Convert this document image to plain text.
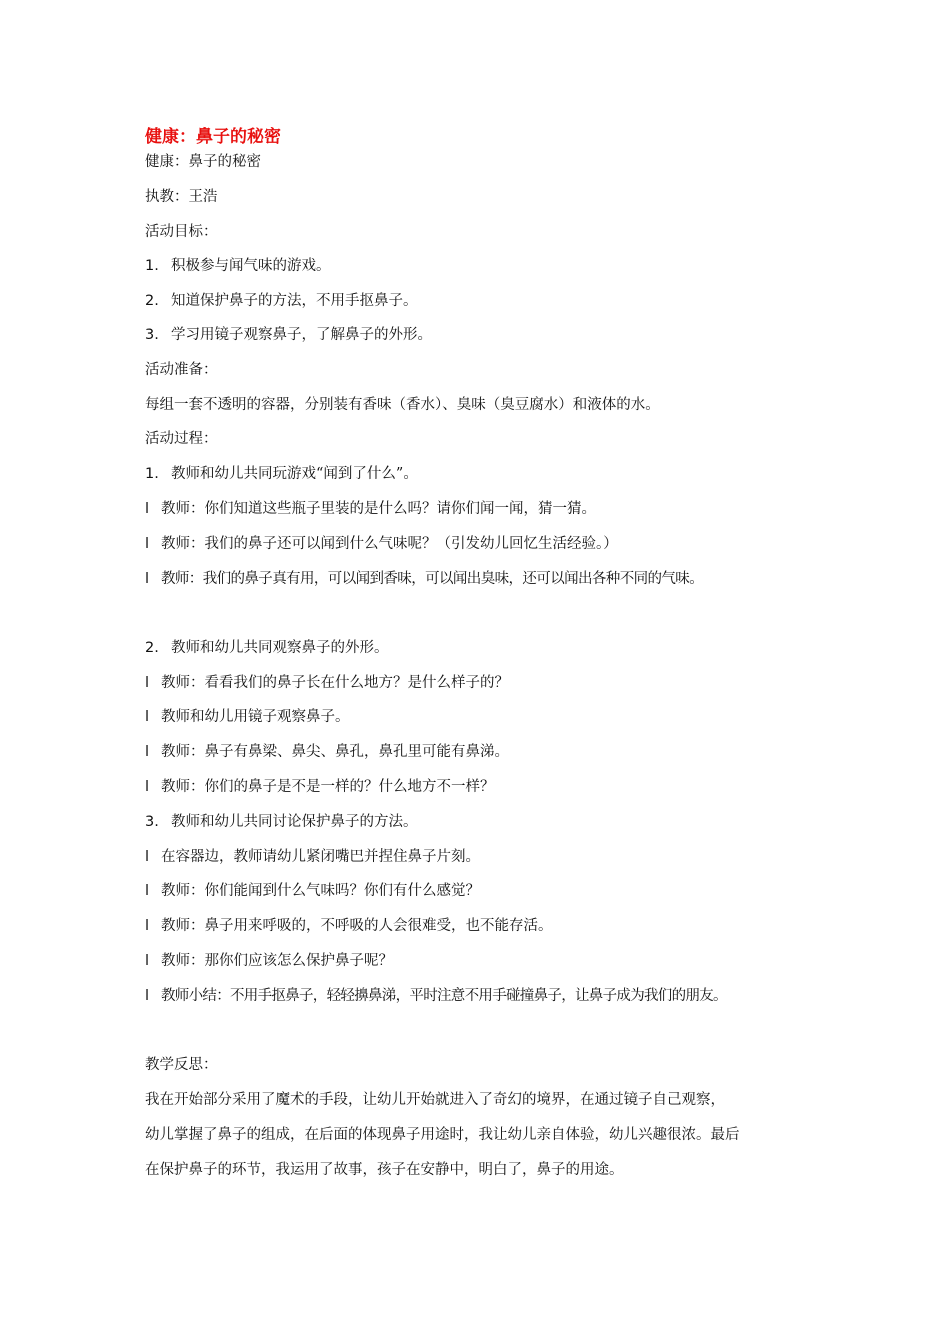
健康：鼻子的秘密
健康：鼻子的秘密
执教：王浩
活动目标：
1. 积极参与闻气味的游戏。
2. 知道保护鼻子的方法，不用手抠鼻子。
3. 学习用镜子观察鼻子，了解鼻子的外形。
活动准备：
每组一套不透明的容器，分别装有香味（香水）、臭味（臭豆腐水）和液体的水。
活动过程：
1. 教师和幼儿共同玩游戏“闻到了什么”。
l 教师：你们知道这些瓶子里装的是什么吗？请你们闻一闻，猜一猜。
l 教师：我们的鼻子还可以闻到什么气味呢？（引发幼儿回忆生活经验。）
l 教师：我们的鼻子真有用，可以闻到香味，可以闻出臭味，还可以闻出各种不同的气味。
2. 教师和幼儿共同观察鼻子的外形。
l 教师：看看我们的鼻子长在什么地方？是什么样子的？
l 教师和幼儿用镜子观察鼻子。
l 教师：鼻子有鼻梁、鼻尖、鼻孔，鼻孔里可能有鼻涕。
l 教师：你们的鼻子是不是一样的？什么地方不一样？
3. 教师和幼儿共同讨论保护鼻子的方法。
l 在容器边，教师请幼儿紧闭嘴巴并捏住鼻子片刻。
l 教师：你们能闻到什么气味吗？你们有什么感觉？
l 教师：鼻子用来呼吸的，不呼吸的人会很难受，也不能存活。
l 教师：那你们应该怎么保护鼻子呢？
l 教师小结：不用手抠鼻子，轻轻擤鼻涕，平时注意不用手碰撞鼻子，让鼻子成为我们的朋友。
教学反思：
我在开始部分采用了魔术的手段，让幼儿开始就进入了奇幻的境界，在通过镜子自己观察，
幼儿掌握了鼻子的组成，在后面的体现鼻子用途时，我让幼儿亲自体验，幼儿兴趣很浓。最后
在保护鼻子的环节，我运用了故事，孩子在安静中，明白了，鼻子的用途。
